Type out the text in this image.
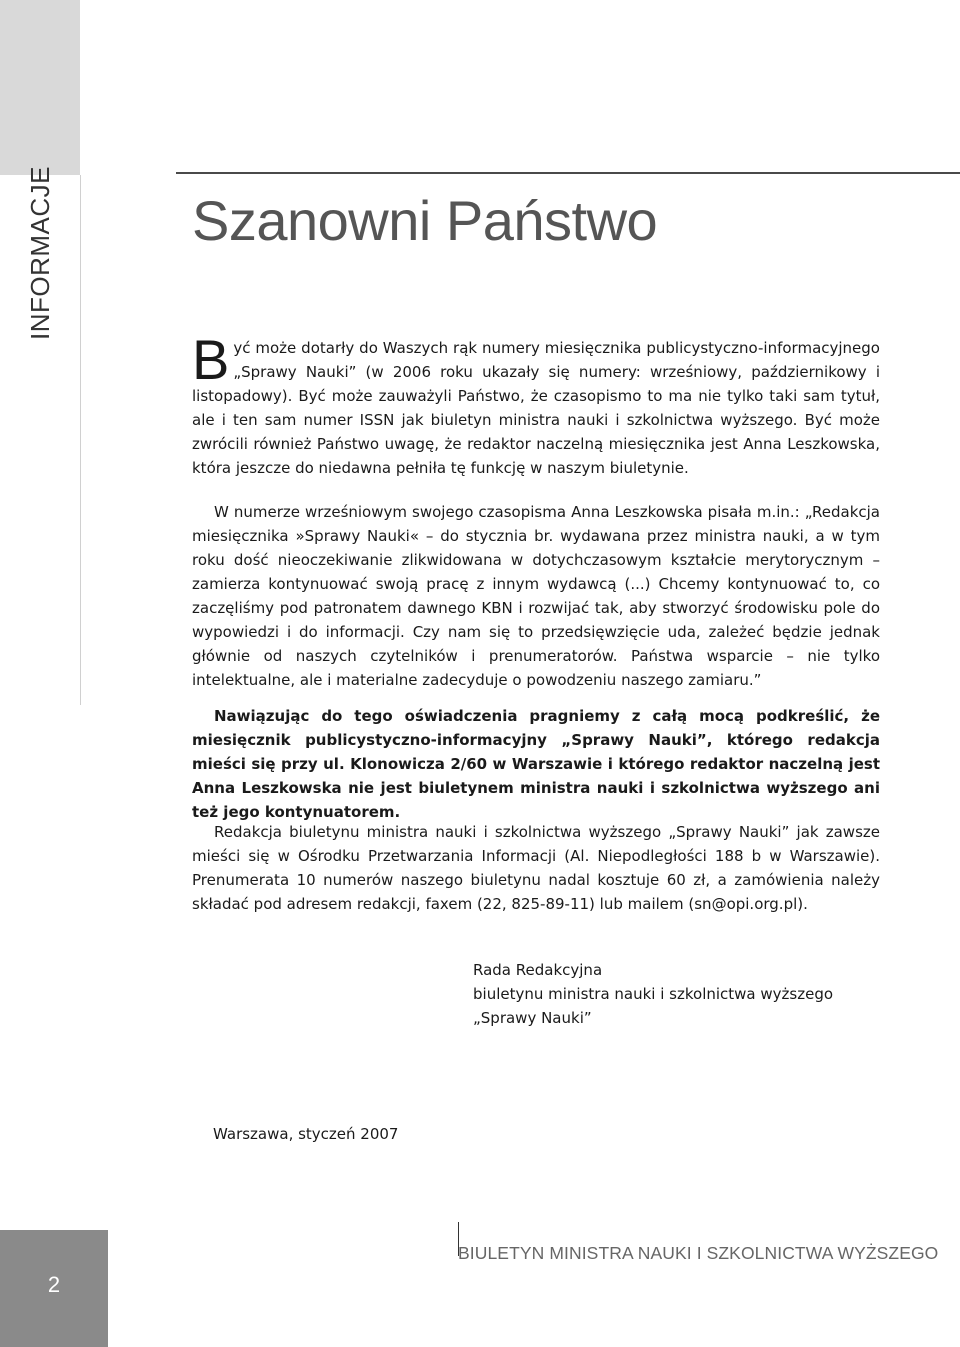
INFORMACJE Szanowni Państwo

Być może dotarły do Waszych rąk numery miesięcznika publicystyczno-informacyjnego „Sprawy Nauki” (w 2006 roku ukazały się numery: wrześniowy, październikowy i listopadowy). Być może zauważyli Państwo, że czasopismo to ma nie tylko taki sam tytuł, ale i ten sam numer ISSN jak biuletyn ministra nauki i szkolnictwa wyższego. Być może zwrócili również Państwo uwagę, że redaktor naczelną miesięcznika jest Anna Leszkowska, która jeszcze do niedawna pełniła tę funkcję w naszym biuletynie.

W numerze wrześniowym swojego czasopisma Anna Leszkowska pisała m.in.: „Redakcja miesięcznika »Sprawy Nauki« – do stycznia br. wydawana przez ministra nauki, a w tym roku dość nieoczekiwanie zlikwidowana w dotychczasowym kształcie merytorycznym – zamierza kontynuować swoją pracę z innym wydawcą (...) Chcemy kontynuować to, co zaczęliśmy pod patronatem dawnego KBN i rozwijać tak, aby stworzyć środowisku pole do wypowiedzi i do informacji. Czy nam się to przedsięwzięcie uda, zależeć będzie jednak głównie od naszych czytelników i prenumeratorów. Państwa wsparcie – nie tylko intelektualne, ale i materialne zadecyduje o powodzeniu naszego zamiaru.”

Nawiązując do tego oświadczenia pragniemy z całą mocą podkreślić, że miesięcznik publicystyczno-informacyjny „Sprawy Nauki”, którego redakcja mieści się przy ul. Klonowicza 2/60 w Warszawie i którego redaktor naczelną jest Anna Leszkowska nie jest biuletynem ministra nauki i szkolnictwa wyższego ani też jego kontynuatorem.

Redakcja biuletynu ministra nauki i szkolnictwa wyższego „Sprawy Nauki” jak zawsze mieści się w Ośrodku Przetwarzania Informacji (Al. Niepodległości 188 b w Warszawie). Prenumerata 10 numerów naszego biuletynu nadal kosztuje 60 zł, a zamówienia należy składać pod adresem redakcji, faxem (22, 825-89-11) lub mailem (sn@opi.org.pl).

Rada Redakcyjna
biuletynu ministra nauki i szkolnictwa wyższego
„Sprawy Nauki”

Warszawa, styczeń 2007

2
BIULETYN MINISTRA NAUKI I SZKOLNICTWA WYŻSZEGO
